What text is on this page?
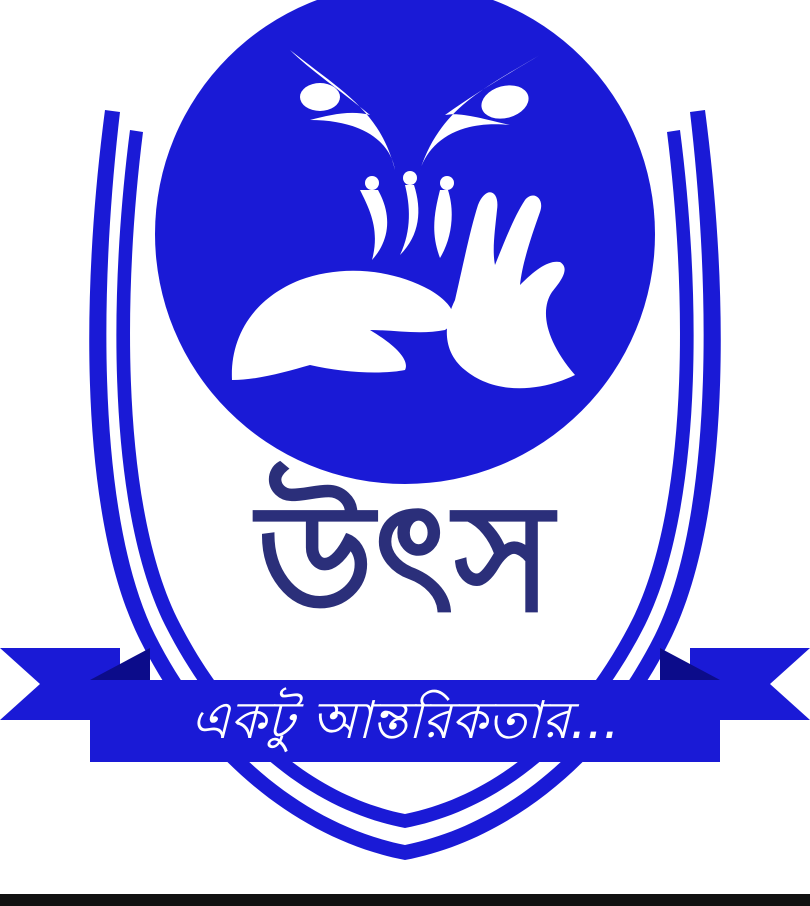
উৎস
একটু আন্তরিকতার...
